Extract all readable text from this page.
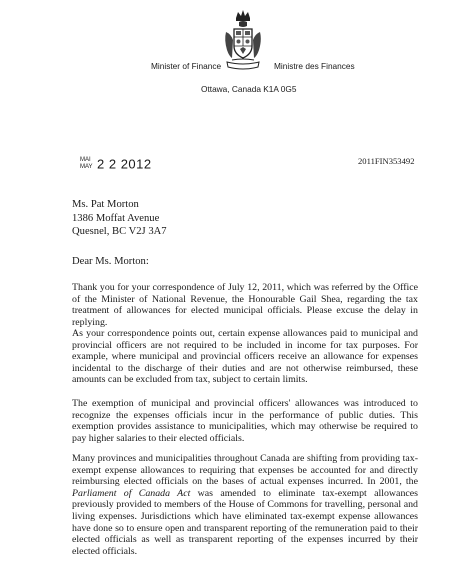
Minister of Finance	Ministre des Finances
Ottawa, Canada K1A 0G5
MAI
MAY 2 2 2012	2011FIN353492
Ms. Pat Morton
1386 Moffat Avenue
Quesnel, BC V2J 3A7
Dear Ms. Morton:
Thank you for your correspondence of July 12, 2011, which was referred by the Office of the Minister of National Revenue, the Honourable Gail Shea, regarding the tax treatment of allowances for elected municipal officials. Please excuse the delay in replying.
As your correspondence points out, certain expense allowances paid to municipal and provincial officers are not required to be included in income for tax purposes. For example, where municipal and provincial officers receive an allowance for expenses incidental to the discharge of their duties and are not otherwise reimbursed, these amounts can be excluded from tax, subject to certain limits.
The exemption of municipal and provincial officers' allowances was introduced to recognize the expenses officials incur in the performance of public duties. This exemption provides assistance to municipalities, which may otherwise be required to pay higher salaries to their elected officials.
Many provinces and municipalities throughout Canada are shifting from providing tax-exempt expense allowances to requiring that expenses be accounted for and directly reimbursing elected officials on the bases of actual expenses incurred. In 2001, the Parliament of Canada Act was amended to eliminate tax-exempt allowances previously provided to members of the House of Commons for travelling, personal and living expenses. Jurisdictions which have eliminated tax-exempt expense allowances have done so to ensure open and transparent reporting of the remuneration paid to their elected officials as well as transparent reporting of the expenses incurred by their elected officials.
